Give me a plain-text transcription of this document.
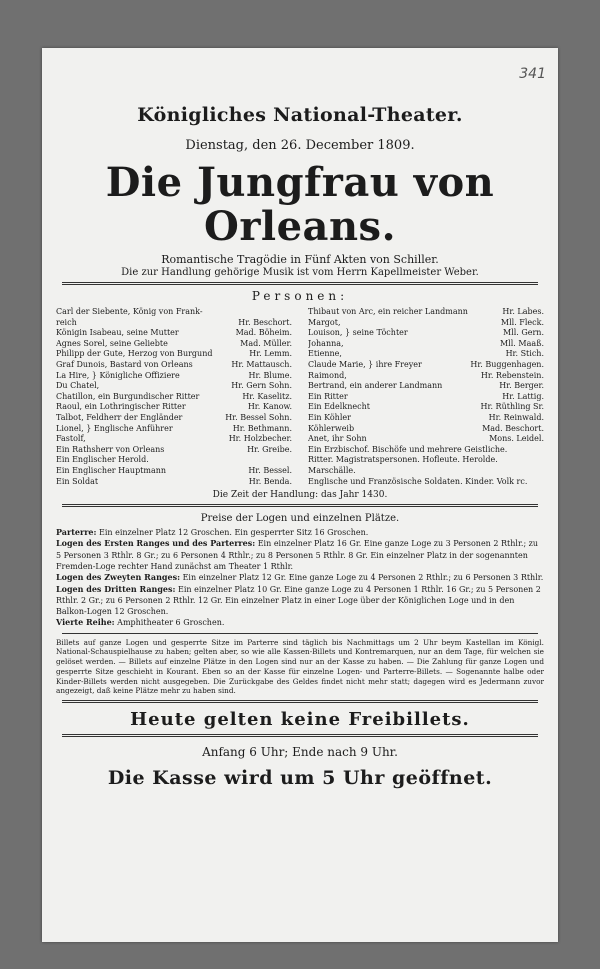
341
Königliches National-Theater.
Dienstag, den 26. December 1809.
Die Jungfrau von Orleans.
Romantische Tragödie in Fünf Akten von Schiller.
Die zur Handlung gehörige Musik ist vom Herrn Kapellmeister Weber.
Personen:
Carl der Siebente, König von Frank-
reich	Hr. Beschort.
Königin Isabeau, seine Mutter	Mad. Böheim.
Agnes Sorel, seine Geliebte	Mad. Müller.
Philipp der Gute, Herzog von Burgund	Hr. Lemm.
Graf Dunois, Bastard von Orleans	Hr. Mattausch.
La Hire, } Königliche Offiziere	Hr. Blume.
Du Chatel,	Hr. Gern Sohn.
Chatillon, ein Burgundischer Ritter	Hr. Kaselitz.
Raoul, ein Lothringischer Ritter	Hr. Kanow.
Talbot, Feldherr der Engländer	Hr. Bessel Sohn.
Lionel, } Englische Anführer	Hr. Bethmann.
Fastolf,	Hr. Holzbecher.
Ein Rathsherr von Orleans	Hr. Greibe.
Ein Englischer Herold.
Ein Englischer Hauptmann	Hr. Bessel.
Ein Soldat	Hr. Benda.
Thibaut von Arc, ein reicher Landmann	Hr. Labes.
Margot,	Mll. Fleck.
Louison, } seine Töchter	Mll. Gern.
Johanna,	Mll. Maaß.
Etienne,	Hr. Stich.
Claude Marie, } ihre Freyer	Hr. Buggenhagen.
Raimond,	Hr. Rebenstein.
Bertrand, ein anderer Landmann	Hr. Berger.
Ein Ritter	Hr. Lattig.
Ein Edelknecht	Hr. Rüthling Sr.
Ein Köhler	Hr. Reinwald.
Köhlerweib	Mad. Beschort.
Anet, ihr Sohn	Mons. Leidel.
Ein Erzbischof. Bischöfe und mehrere Geistliche.
Ritter. Magistratspersonen. Hofleute. Herolde.
Marschälle.
Englische und Französische Soldaten. Kinder. Volk rc.
Die Zeit der Handlung: das Jahr 1430.
Preise der Logen und einzelnen Plätze.

Parterre: Ein einzelner Platz 12 Groschen. Ein gesperrter Sitz 16 Groschen.

Logen des Ersten Ranges und des Parterres: Ein einzelner Platz 16 Gr. Eine ganze Loge zu 3 Personen 2 Rthlr.; zu 5 Personen 3 Rthlr. 8 Gr.; zu 6 Personen 4 Rthlr.; zu 8 Personen 5 Rthlr. 8 Gr. Ein einzelner Platz in der sogenannten Fremden-Loge rechter Hand zunächst am Theater 1 Rthlr.

Logen des Zweyten Ranges: Ein einzelner Platz 12 Gr. Eine ganze Loge zu 4 Personen 2 Rthlr.; zu 6 Personen 3 Rthlr.

Logen des Dritten Ranges: Ein einzelner Platz 10 Gr. Eine ganze Loge zu 4 Personen 1 Rthlr. 16 Gr.; zu 5 Personen 2 Rthlr. 2 Gr.; zu 6 Personen 2 Rthlr. 12 Gr. Ein einzelner Platz in einer Loge über der Königlichen Loge und in den Balkon-Logen 12 Groschen.

Vierte Reihe: Amphitheater 6 Groschen.

Billets auf ganze Logen und gesperrte Sitze im Parterre sind täglich bis Nachmittags um 2 Uhr beym Kastellan im Königl. National-Schauspielhause zu haben; gelten aber, so wie alle Kassen-Billets und Kontremarquen, nur an dem Tage, für welchen sie gelöset werden. — Billets auf einzelne Plätze in den Logen sind nur an der Kasse zu haben. — Die Zahlung für ganze Logen und gesperrte Sitze geschieht in Kourant. Eben so an der Kasse für einzelne Logen- und Parterre-Billets. — Sogenannte halbe oder Kinder-Billets werden nicht ausgegeben. Die Zurückgabe des Geldes findet nicht mehr statt; dagegen wird es Jedermann zuvor angezeigt, daß keine Plätze mehr zu haben sind.

Heute gelten keine Freibillets.
Anfang 6 Uhr; Ende nach 9 Uhr.
Die Kasse wird um 5 Uhr geöffnet.
